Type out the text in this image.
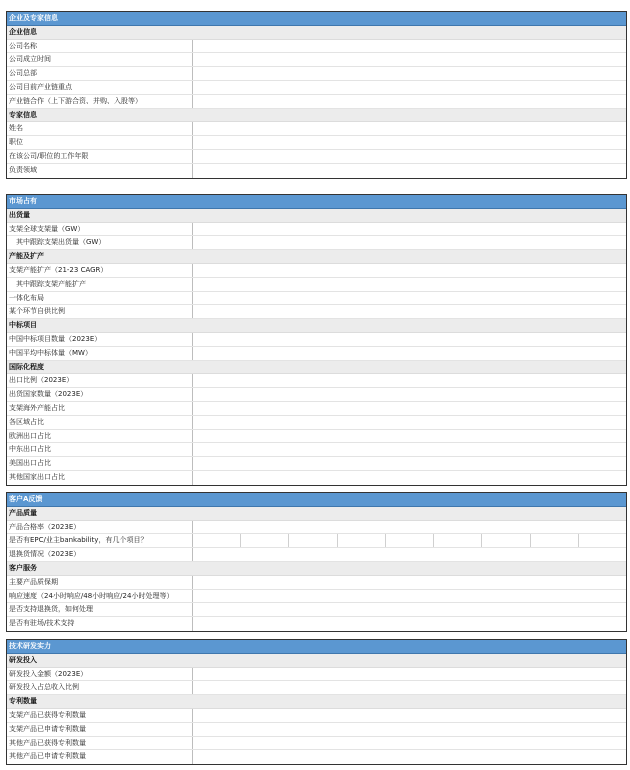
企业及专家信息
企业信息
公司名称
公司成立时间
公司总部
公司目前产业链重点
产业链合作（上下游合资、并购、入股等）
专家信息
姓名
职位
在该公司/职位的工作年限
负责领域
市场占有
出货量
支架全球支架量（GW）
其中跟踪支架出货量（GW）
产能及扩产
支架产能扩产（21-23 CAGR）
其中跟踪支架产能扩产
一体化布局
某个环节自供比例
中标项目
中国中标项目数量（2023E）
中国平均中标体量（MW）
国际化程度
出口比例（2023E）
出货国家数量（2023E）
支架海外产能占比
各区域占比
欧洲出口占比
中东出口占比
美国出口占比
其他国家出口占比
客户A反馈
产品质量
产品合格率（2023E）
是否有EPC/业主bankability，有几个项目？
退换货情况（2023E）
客户服务
主要产品质保期
响应速度（24小时响应/48小时响应/24小时处理等）
是否支持退换货，如何处理
是否有驻场/技术支持
技术研发实力
研发投入
研发投入金额（2023E）
研发投入占总收入比例
专利数量
支架产品已获得专利数量
支架产品已申请专利数量
其他产品已获得专利数量
其他产品已申请专利数量
